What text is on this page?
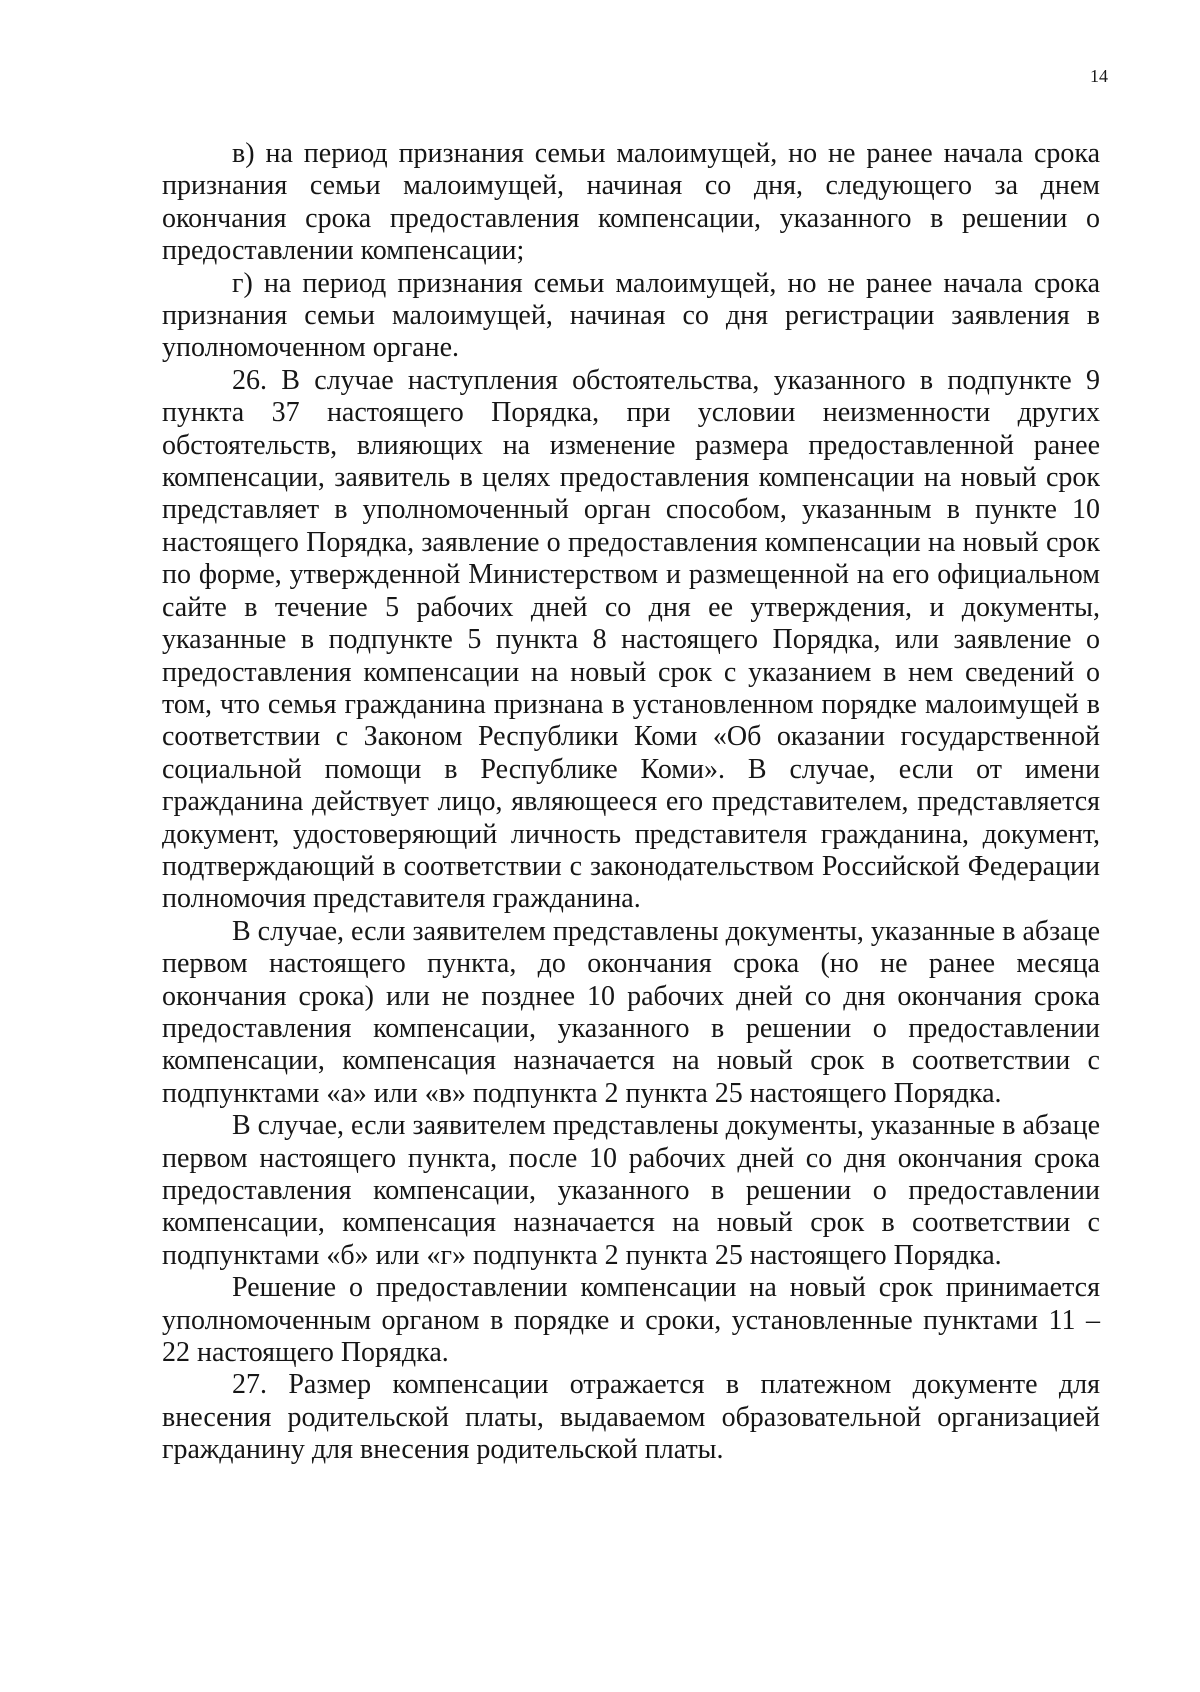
14

в) на период признания семьи малоимущей, но не ранее начала срока признания семьи малоимущей, начиная со дня, следующего за днем окончания срока предоставления компенсации, указанного в решении о предоставлении компенсации;

г) на период признания семьи малоимущей, но не ранее начала срока признания семьи малоимущей, начиная со дня регистрации заявления в уполномоченном органе.

26. В случае наступления обстоятельства, указанного в подпункте 9 пункта 37 настоящего Порядка, при условии неизменности других обстоятельств, влияющих на изменение размера предоставленной ранее компенсации, заявитель в целях предоставления компенсации на новый срок представляет в уполномоченный орган способом, указанным в пункте 10 настоящего Порядка, заявление о предоставления компенсации на новый срок по форме, утвержденной Министерством и размещенной на его официальном сайте в течение 5 рабочих дней со дня ее утверждения, и документы, указанные в подпункте 5 пункта 8 настоящего Порядка, или заявление о предоставления компенсации на новый срок с указанием в нем сведений о том, что семья гражданина признана в установленном порядке малоимущей в соответствии с Законом Республики Коми «Об оказании государственной социальной помощи в Республике Коми». В случае, если от имени гражданина действует лицо, являющееся его представителем, представляется документ, удостоверяющий личность представителя гражданина, документ, подтверждающий в соответствии с законодательством Российской Федерации полномочия представителя гражданина.

В случае, если заявителем представлены документы, указанные в абзаце первом настоящего пункта, до окончания срока (но не ранее месяца окончания срока) или не позднее 10 рабочих дней со дня окончания срока предоставления компенсации, указанного в решении о предоставлении компенсации, компенсация назначается на новый срок в соответствии с подпунктами «а» или «в» подпункта 2 пункта 25 настоящего Порядка.

В случае, если заявителем представлены документы, указанные в абзаце первом настоящего пункта, после 10 рабочих дней со дня окончания срока предоставления компенсации, указанного в решении о предоставлении компенсации, компенсация назначается на новый срок в соответствии с подпунктами «б» или «г» подпункта 2 пункта 25 настоящего Порядка.

Решение о предоставлении компенсации на новый срок принимается уполномоченным органом в порядке и сроки, установленные пунктами 11 – 22 настоящего Порядка.

27. Размер компенсации отражается в платежном документе для внесения родительской платы, выдаваемом образовательной организацией гражданину для внесения родительской платы.
